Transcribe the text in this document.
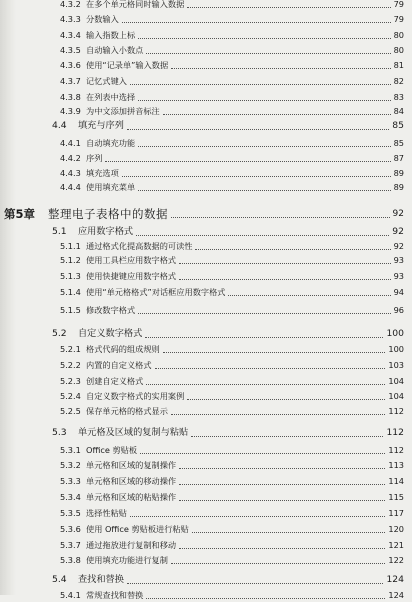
4.3.2 在多个单元格同时输入数据	79
4.3.3 分数输入	79
4.3.4 输入指数上标	80
4.3.5 自动输入小数点	80
4.3.6 使用“记录单”输入数据	81
4.3.7 记忆式键入	82
4.3.8 在列表中选择	83
4.3.9 为中文添加拼音标注	84
4.4	填充与序列	85
4.4.1 自动填充功能	85
4.4.2 序列	87
4.4.3 填充选项	89
4.4.4 使用填充菜单	89
第5章	整理电子表格中的数据	92
5.1	应用数字格式	92
5.1.1 通过格式化提高数据的可读性	92
5.1.2 使用工具栏应用数字格式	93
5.1.3 使用快捷键应用数字格式	93
5.1.4 使用“单元格格式”对话框应用数字格式	94
5.1.5 修改数字格式	96
5.2	自定义数字格式	100
5.2.1 格式代码的组成规则	100
5.2.2 内置的自定义格式	103
5.2.3 创建自定义格式	104
5.2.4 自定义数字格式的实用案例	104
5.2.5 保存单元格的格式显示	112
5.3	单元格及区域的复制与粘贴	112
5.3.1 Office 剪贴板	112
5.3.2 单元格和区域的复制操作	113
5.3.3 单元格和区域的移动操作	114
5.3.4 单元格和区域的粘贴操作	115
5.3.5 选择性粘贴	117
5.3.6 使用 Office 剪贴板进行粘贴	120
5.3.7 通过拖放进行复制和移动	121
5.3.8 使用填充功能进行复制	122
5.4	查找和替换	124
5.4.1 常规查找和替换	124
